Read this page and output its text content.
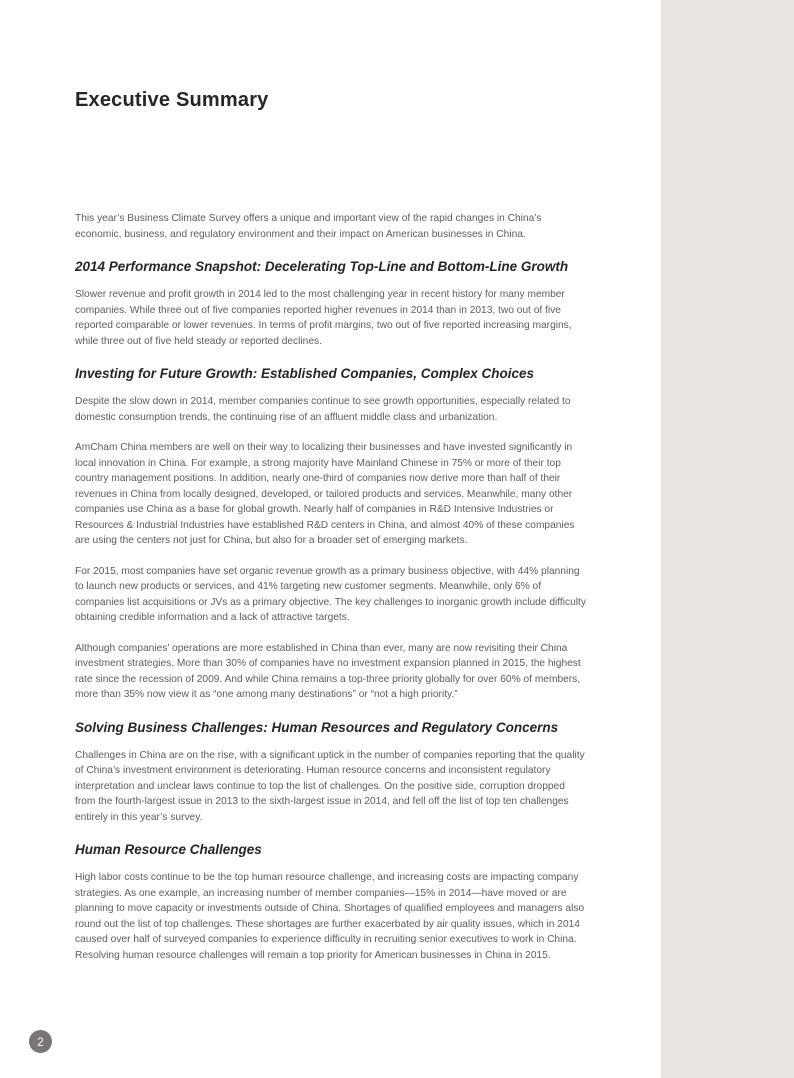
Executive Summary

This year’s Business Climate Survey offers a unique and important view of the rapid changes in China’s economic, business, and regulatory environment and their impact on American businesses in China.

2014 Performance Snapshot: Decelerating Top-Line and Bottom-Line Growth

Slower revenue and profit growth in 2014 led to the most challenging year in recent history for many member companies. While three out of five companies reported higher revenues in 2014 than in 2013, two out of five reported comparable or lower revenues. In terms of profit margins, two out of five reported increasing margins, while three out of five held steady or reported declines.

Investing for Future Growth: Established Companies, Complex Choices

Despite the slow down in 2014, member companies continue to see growth opportunities, especially related to domestic consumption trends, the continuing rise of an affluent middle class and urbanization.

AmCham China members are well on their way to localizing their businesses and have invested significantly in local innovation in China. For example, a strong majority have Mainland Chinese in 75% or more of their top country management positions. In addition, nearly one-third of companies now derive more than half of their revenues in China from locally designed, developed, or tailored products and services. Meanwhile, many other companies use China as a base for global growth. Nearly half of companies in R&D Intensive Industries or Resources & Industrial Industries have established R&D centers in China, and almost 40% of these companies are using the centers not just for China, but also for a broader set of emerging markets.

For 2015, most companies have set organic revenue growth as a primary business objective, with 44% planning to launch new products or services, and 41% targeting new customer segments. Meanwhile, only 6% of companies list acquisitions or JVs as a primary objective. The key challenges to inorganic growth include difficulty obtaining credible information and a lack of attractive targets.

Although companies’ operations are more established in China than ever, many are now revisiting their China investment strategies. More than 30% of companies have no investment expansion planned in 2015, the highest rate since the recession of 2009. And while China remains a top-three priority globally for over 60% of members, more than 35% now view it as “one among many destinations” or “not a high priority.”

Solving Business Challenges: Human Resources and Regulatory Concerns

Challenges in China are on the rise, with a significant uptick in the number of companies reporting that the quality of China’s investment environment is deteriorating. Human resource concerns and inconsistent regulatory interpretation and unclear laws continue to top the list of challenges. On the positive side, corruption dropped from the fourth-largest issue in 2013 to the sixth-largest issue in 2014, and fell off the list of top ten challenges entirely in this year’s survey.

Human Resource Challenges

High labor costs continue to be the top human resource challenge, and increasing costs are impacting company strategies. As one example, an increasing number of member companies—15% in 2014—have moved or are planning to move capacity or investments outside of China. Shortages of qualified employees and managers also round out the list of top challenges. These shortages are further exacerbated by air quality issues, which in 2014 caused over half of surveyed companies to experience difficulty in recruiting senior executives to work in China. Resolving human resource challenges will remain a top priority for American businesses in China in 2015.

2
